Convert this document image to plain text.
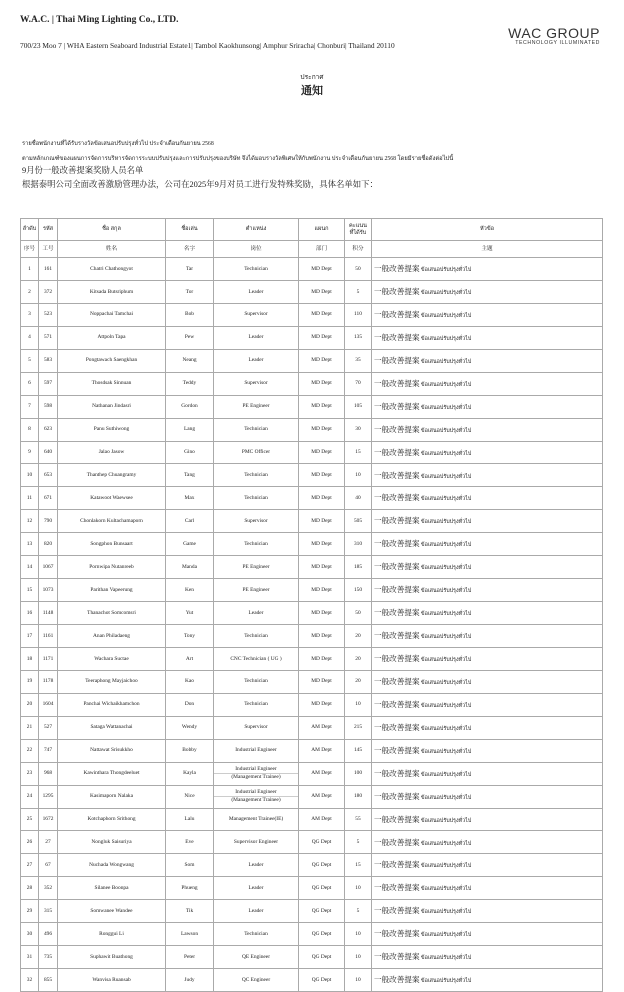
W.A.C. | Thai Ming Lighting Co., LTD.
700/23 Moo 7 | WHA Eastern Seaboard Industrial Estate1| Tambol Kaokhunsong| Amphur Sriracha| Chonburi| Thailand 20110
WAC GROUP
TECHNOLOGY ILLUMINATED
ประกาศ
通知
รายชื่อพนักงานที่ได้รับรางวัลข้อเสนอปรับปรุงทั่วไป ประจำเดือนกันยายน 2568
ตามหลักเกณฑ์ของแผนการจัดการบริหารจัดการระบบปรับปรุงและการปรับปรุงของบริษัท จึงได้มอบรางวัลพิเศษให้กับพนักงาน ประจำเดือนกันยายน 2568 โดยมีรายชื่อดังต่อไปนี้
9月份一般改善提案奖励人员名单
根据泰明公司全面改善激励管理办法，公司在2025年9月对员工进行发特殊奖励，具体名单如下：
ลำดับ	รหัส	ชื่อ สกุล	ชื่อเล่น	ตำแหน่ง	แผนก	คะแนน
ที่ได้รับ	หัวข้อ
序号	工号	姓名	名字	岗位	部门	积分	主题
1	161	Chatri Chathongyot	Tar	Technician	MD Dept	50	一般改善提案 ข้อเสนอปรับปรุงทั่วไป
2	372	Kitsada Butsriphum	Tor	Leader	MD Dept	5	一般改善提案 ข้อเสนอปรับปรุงทั่วไป
3	523	Noppachai Tamchai	Bob	Supervisor	MD Dept	110	一般改善提案 ข้อเสนอปรับปรุงทั่วไป
4	571	Attpoln Tapa	Pew	Leader	MD Dept	135	一般改善提案 ข้อเสนอปรับปรุงทั่วไป
5	583	Pongtawach Saengkhan	Neang	Leader	MD Dept	35	一般改善提案 ข้อเสนอปรับปรุงทั่วไป
6	597	Thosdsak Sinnuan	Teddy	Supervisor	MD Dept	70	一般改善提案 ข้อเสนอปรับปรุงทั่วไป
7	598	Nathanan Jindasri	Gordon	PE Engineer	MD Dept	105	一般改善提案 ข้อเสนอปรับปรุงทั่วไป
8	623	Panu Suthiwong	Lang	Technician	MD Dept	30	一般改善提案 ข้อเสนอปรับปรุงทั่วไป
9	640	Jalao Jasow	Gino	PMC Officer	MD Dept	15	一般改善提案 ข้อเสนอปรับปรุงทั่วไป
10	653	Thanthep Chuangramy	Tang	Technician	MD Dept	10	一般改善提案 ข้อเสนอปรับปรุงทั่วไป
11	671	Katawoot Waewsee	Max	Technician	MD Dept	40	一般改善提案 ข้อเสนอปรับปรุงทั่วไป
12	790	Chonlakorn Kultachamaporn	Carl	Supervisor	MD Dept	505	一般改善提案 ข้อเสนอปรับปรุงทั่วไป
13	820	Songphon Bunsaart	Game	Technician	MD Dept	310	一般改善提案 ข้อเสนอปรับปรุงทั่วไป
14	1067	Pornwipa Nutanreeb	Manda	PE Engineer	MD Dept	185	一般改善提案 ข้อเสนอปรับปรุงทั่วไป
15	1073	Parithan Vapeerung	Ken	PE Engineer	MD Dept	150	一般改善提案 ข้อเสนอปรับปรุงทั่วไป
16	1148	Thanachot Somcomsri	Yut	Leader	MD Dept	50	一般改善提案 ข้อเสนอปรับปรุงทั่วไป
17	1161	Anan Philadaeng	Tony	Technician	MD Dept	20	一般改善提案 ข้อเสนอปรับปรุงทั่วไป
18	1171	Wachara Suctae	Art	CNC Technician ( UG )	MD Dept	20	一般改善提案 ข้อเสนอปรับปรุงทั่วไป
19	1178	Teeraphong Mayjaichoo	Kao	Technician	MD Dept	20	一般改善提案 ข้อเสนอปรับปรุงทั่วไป
20	1604	Panchai Wichaikhamchon	Don	Technician	MD Dept	10	一般改善提案 ข้อเสนอปรับปรุงทั่วไป
21	527	Sataga Wattanachai	Wendy	Supervisor	AM Dept	215	一般改善提案 ข้อเสนอปรับปรุงทั่วไป
22	747	Nattawat Srisukkho	Bobby	Industrial Engineer	AM Dept	145	一般改善提案 ข้อเสนอปรับปรุงทั่วไป
23	968	Kawinthara Thongdeeluet	Kayla	Industrial Engineer
(Management Trainee)	AM Dept	100	一般改善提案 ข้อเสนอปรับปรุงทั่วไป
24	1295	Kasimaporn Nalaka	Nice	Industrial Engineer
(Management Trainee)	AM Dept	180	一般改善提案 ข้อเสนอปรับปรุงทั่วไป
25	1672	Kotchaphorn Srithong	Lalu	Management Trainee(IE)	AM Dept	55	一般改善提案 ข้อเสนอปรับปรุงทั่วไป
26	27	Nongluk Saisuriya	Eve	Supervisor Engineer	QG Dept	5	一般改善提案 ข้อเสนอปรับปรุงทั่วไป
27	67	Nuchada Wongwang	Som	Leader	QG Dept	15	一般改善提案 ข้อเสนอปรับปรุงทั่วไป
28	352	Silanee Boonpa	Phueng	Leader	QG Dept	10	一般改善提案 ข้อเสนอปรับปรุงทั่วไป
29	315	Somwanee Wandee	Tik	Leader	QG Dept	5	一般改善提案 ข้อเสนอปรับปรุงทั่วไป
30	496	Ronggui Li	Lawson	Technician	QG Dept	10	一般改善提案 ข้อเสนอปรับปรุงทั่วไป
31	735	Suphawit Buathong	Peter	QE Engineer	QG Dept	10	一般改善提案 ข้อเสนอปรับปรุงทั่วไป
32	855	Wanvisa Ruansab	Judy	QC Engineer	QG Dept	10	一般改善提案 ข้อเสนอปรับปรุงทั่วไป
